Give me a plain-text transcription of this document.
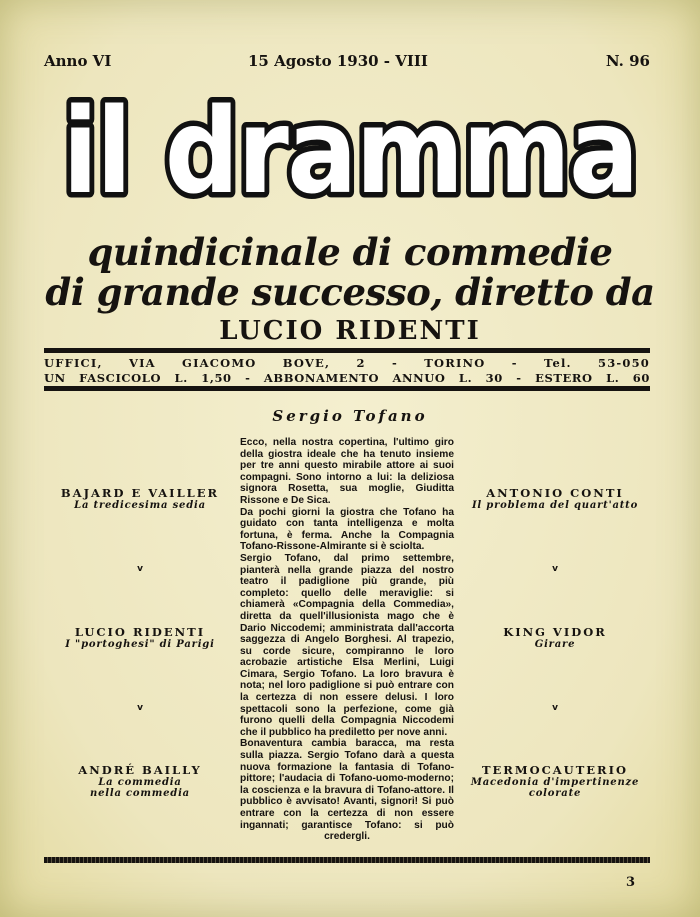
Anno VI	15 Agosto 1930 - VIII	N. 96
il dramma
quindicinale di commedie
di grande successo, diretto da
LUCIO RIDENTI
UFFICI, VIA GIACOMO BOVE, 2 - TORINO - Tel. 53-050
UN FASCICOLO L. 1,50 - ABBONAMENTO ANNUO L. 30 - ESTERO L. 60
Sergio Tofano

Ecco, nella nostra copertina, l'ultimo giro della giostra ideale che ha tenuto insieme per tre anni questo mirabile attore ai suoi compagni. Sono intorno a lui: la deliziosa signora Rosetta, sua moglie, Giuditta Rissone e De Sica.

Da pochi giorni la giostra che Tofano ha guidato con tanta intelligenza e molta fortuna, è ferma. Anche la Compagnia Tofano-Rissone-Almirante si è sciolta.

Sergio Tofano, dal primo settembre, pianterà nella grande piazza del nostro teatro il padiglione più grande, più completo: quello delle meraviglie: si chiamerà «Compagnia della Commedia», diretta da quell'illusionista mago che è Dario Niccodemi; amministrata dall'accorta saggezza di Angelo Borghesi. Al trapezio, su corde sicure, compiranno le loro acrobazie artistiche Elsa Merlini, Luigi Cimara, Sergio Tofano. La loro bravura è nota; nel loro padiglione si può entrare con la certezza di non essere delusi. I loro spettacoli sono la perfezione, come già furono quelli della Compagnia Niccodemi che il pubblico ha prediletto per nove anni.

Bonaventura cambia baracca, ma resta sulla piazza. Sergio Tofano darà a questa nuova formazione la fantasia di Tofano-pittore; l'audacia di Tofano-uomo-moderno; la coscienza e la bravura di Tofano-attore. Il pubblico è avvisato! Avanti, signori! Si può entrare con la certezza di non essere ingannati; garantisce Tofano: si può credergli.

BAJARD E VAILLER
La tredicesima sedia
v
LUCIO RIDENTI
I "portoghesi" di Parigi
v
ANDRÉ BAILLY
La commedia
nella commedia
ANTONIO CONTI
Il problema del quart'atto
v
KING VIDOR
Girare
v
TERMOCAUTERIO
Macedonia d'impertinenze
colorate
3
